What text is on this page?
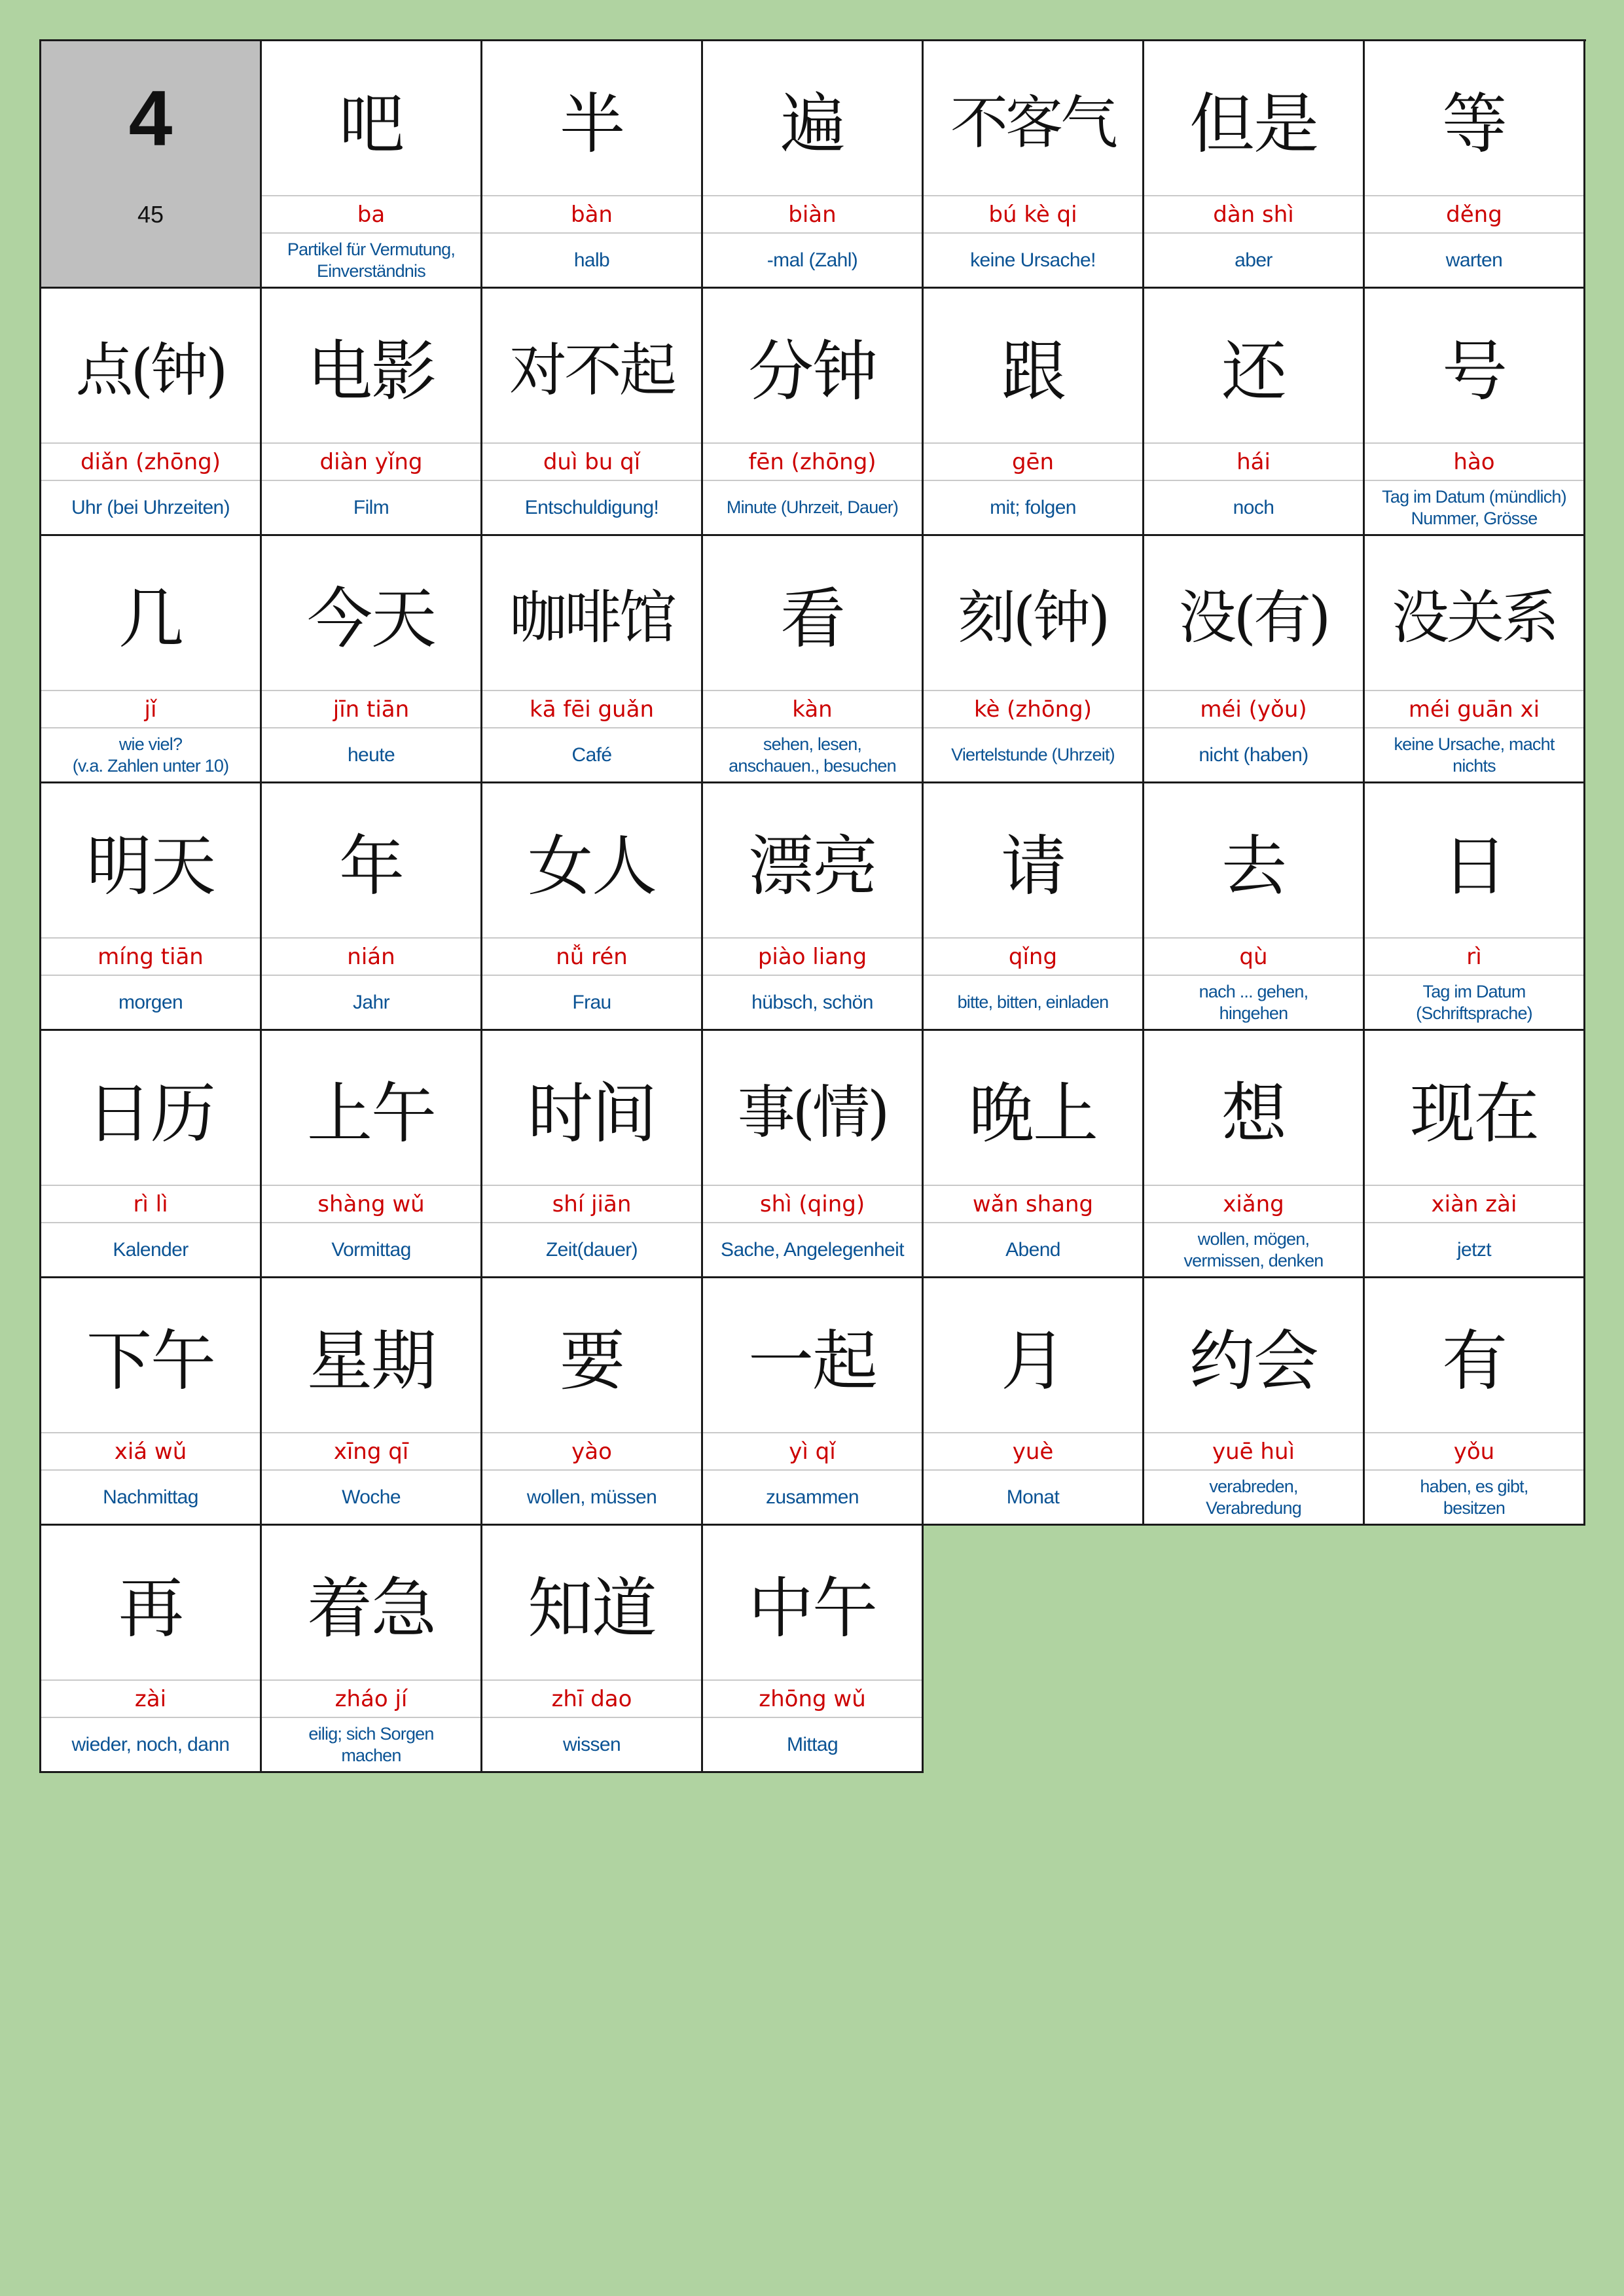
4
45
吧
ba
Partikel für Vermutung,
Einverständnis
半
bàn
halb
遍
biàn
-mal (Zahl)
不客气
bú kè qi
keine Ursache!
但是
dàn shì
aber
等
děng
warten
点(钟)
diǎn (zhōng)
Uhr (bei Uhrzeiten)
电影
diàn yǐng
Film
对不起
duì bu qǐ
Entschuldigung!
分钟
fēn (zhōng)
Minute (Uhrzeit, Dauer)
跟
gēn
mit; folgen
还
hái
noch
号
hào
Tag im Datum (mündlich)
Nummer, Grösse
几
jǐ
wie viel?
(v.a. Zahlen unter 10)
今天
jīn tiān
heute
咖啡馆
kā fēi guǎn
Café
看
kàn
sehen, lesen,
anschauen., besuchen
刻(钟)
kè (zhōng)
Viertelstunde (Uhrzeit)
没(有)
méi (yǒu)
nicht (haben)
没关系
méi guān xi
keine Ursache, macht
nichts
明天
míng tiān
morgen
年
nián
Jahr
女人
nǚ rén
Frau
漂亮
piào liang
hübsch, schön
请
qǐng
bitte, bitten, einladen
去
qù
nach ... gehen,
hingehen
日
rì
Tag im Datum
(Schriftsprache)
日历
rì lì
Kalender
上午
shàng wǔ
Vormittag
时间
shí jiān
Zeit(dauer)
事(情)
shì (qing)
Sache, Angelegenheit
晚上
wǎn shang
Abend
想
xiǎng
wollen, mögen,
vermissen, denken
现在
xiàn zài
jetzt
下午
xiá wǔ
Nachmittag
星期
xīng qī
Woche
要
yào
wollen, müssen
一起
yì qǐ
zusammen
月
yuè
Monat
约会
yuē huì
verabreden,
Verabredung
有
yǒu
haben, es gibt,
besitzen
再
zài
wieder, noch, dann
着急
zháo jí
eilig; sich Sorgen
machen
知道
zhī dao
wissen
中午
zhōng wǔ
Mittag
